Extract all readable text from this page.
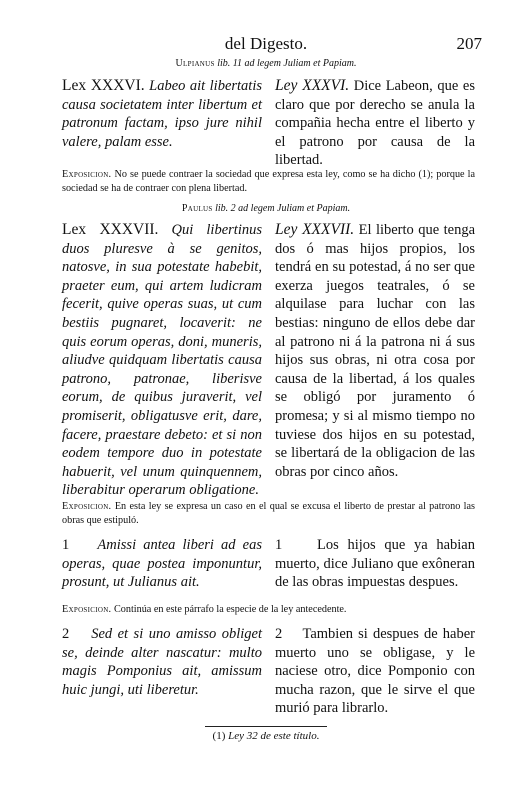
del Digesto.	207
Ulpianus lib. 11 ad legem Juliam et Papiam.
Lex XXXVI. Labeo ait libertatis causa societatem inter libertum et patronum factam, ipso jure nihil valere, palam esse.
Ley XXXVI. Dice Labeon, que es claro que por derecho se anula la compañia hecha entre el liberto y el patrono por causa de la libertad.
Exposicion. No se puede contraer la sociedad que expresa esta ley, como se ha dicho (1); porque la sociedad se ha de contraer con plena libertad.
Paulus lib. 2 ad legem Juliam et Papiam.
Lex XXXVII. Qui libertinus duos pluresve à se genitos, natosve, in sua potestate habebit, praeter eum, qui artem ludicram fecerit, quive operas suas, ut cum bestiis pugnaret, locaverit: ne quis eorum operas, doni, muneris, aliudve quidquam libertatis causa patrono, patronae, liberisve eorum, de quibus juraverit, vel promiserit, obligatusve erit, dare, facere, praestare debeto: et si non eodem tempore duo in potestate habuerit, vel unum quinquennem, liberabitur operarum obligatione.
Ley XXXVII. El liberto que tenga dos ó mas hijos propios, los tendrá en su potestad, á no ser que exerza juegos teatrales, ó se alquilase para luchar con las bestias: ninguno de ellos debe dar al patrono ni á la patrona ni á sus hijos sus obras, ni otra cosa por causa de la libertad, á los quales se obligó por juramento ó promesa; y si al mismo tiempo no tuviese dos hijos en su potestad, se libertará de la obligacion de las obras por cinco años.
Exposicion. En esta ley se expresa un caso en el qual se excusa el liberto de prestar al patrono las obras que estipuló.
1 Amissi antea liberi ad eas operas, quae postea imponuntur, prosunt, ut Julianus ait.
1 Los hijos que ya habian muerto, dice Juliano que exôneran de las obras impuestas despues.
Exposicion. Continúa en este párrafo la especie de la ley antecedente.
2 Sed et si uno amisso obliget se, deinde alter nascatur: multo magis Pomponius ait, amissum huic jungi, uti liberetur.
2 Tambien si despues de haber muerto uno se obligase, y le naciese otro, dice Pomponio con mucha razon, que le sirve el que murió para librarlo.
(1) Ley 32 de este título.
